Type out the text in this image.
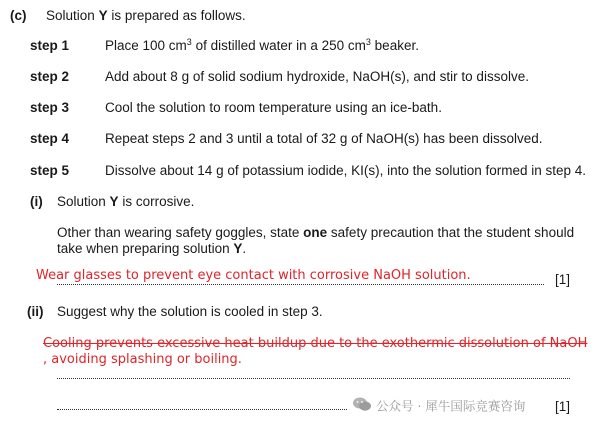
(c) Solution Y is prepared as follows.
step 1	Place 100 $cm^3$ of distilled water in a 250 $cm^3$ beaker.
step 2	Add about 8 g of solid sodium hydroxide, NaOH(s), and stir to dissolve.
step 3	Cool the solution to room temperature using an ice-bath.
step 4	Repeat steps 2 and 3 until a total of 32 g of NaOH(s) has been dissolved.
step 5	Dissolve about 14 g of potassium iodide, KI(s), into the solution formed in step 4.
(i) Solution Y is corrosive.
Other than wearing safety goggles, state one safety precaution that the student should
take when preparing solution Y.
Wear glasses to prevent eye contact with corrosive NaOH solution.	[1]
(ii) Suggest why the solution is cooled in step 3.
Cooling prevents excessive heat buildup due to the exothermic dissolution of NaOH
, avoiding splashing or boiling.
公众号 · 犀牛国际竞赛咨询 [1]
